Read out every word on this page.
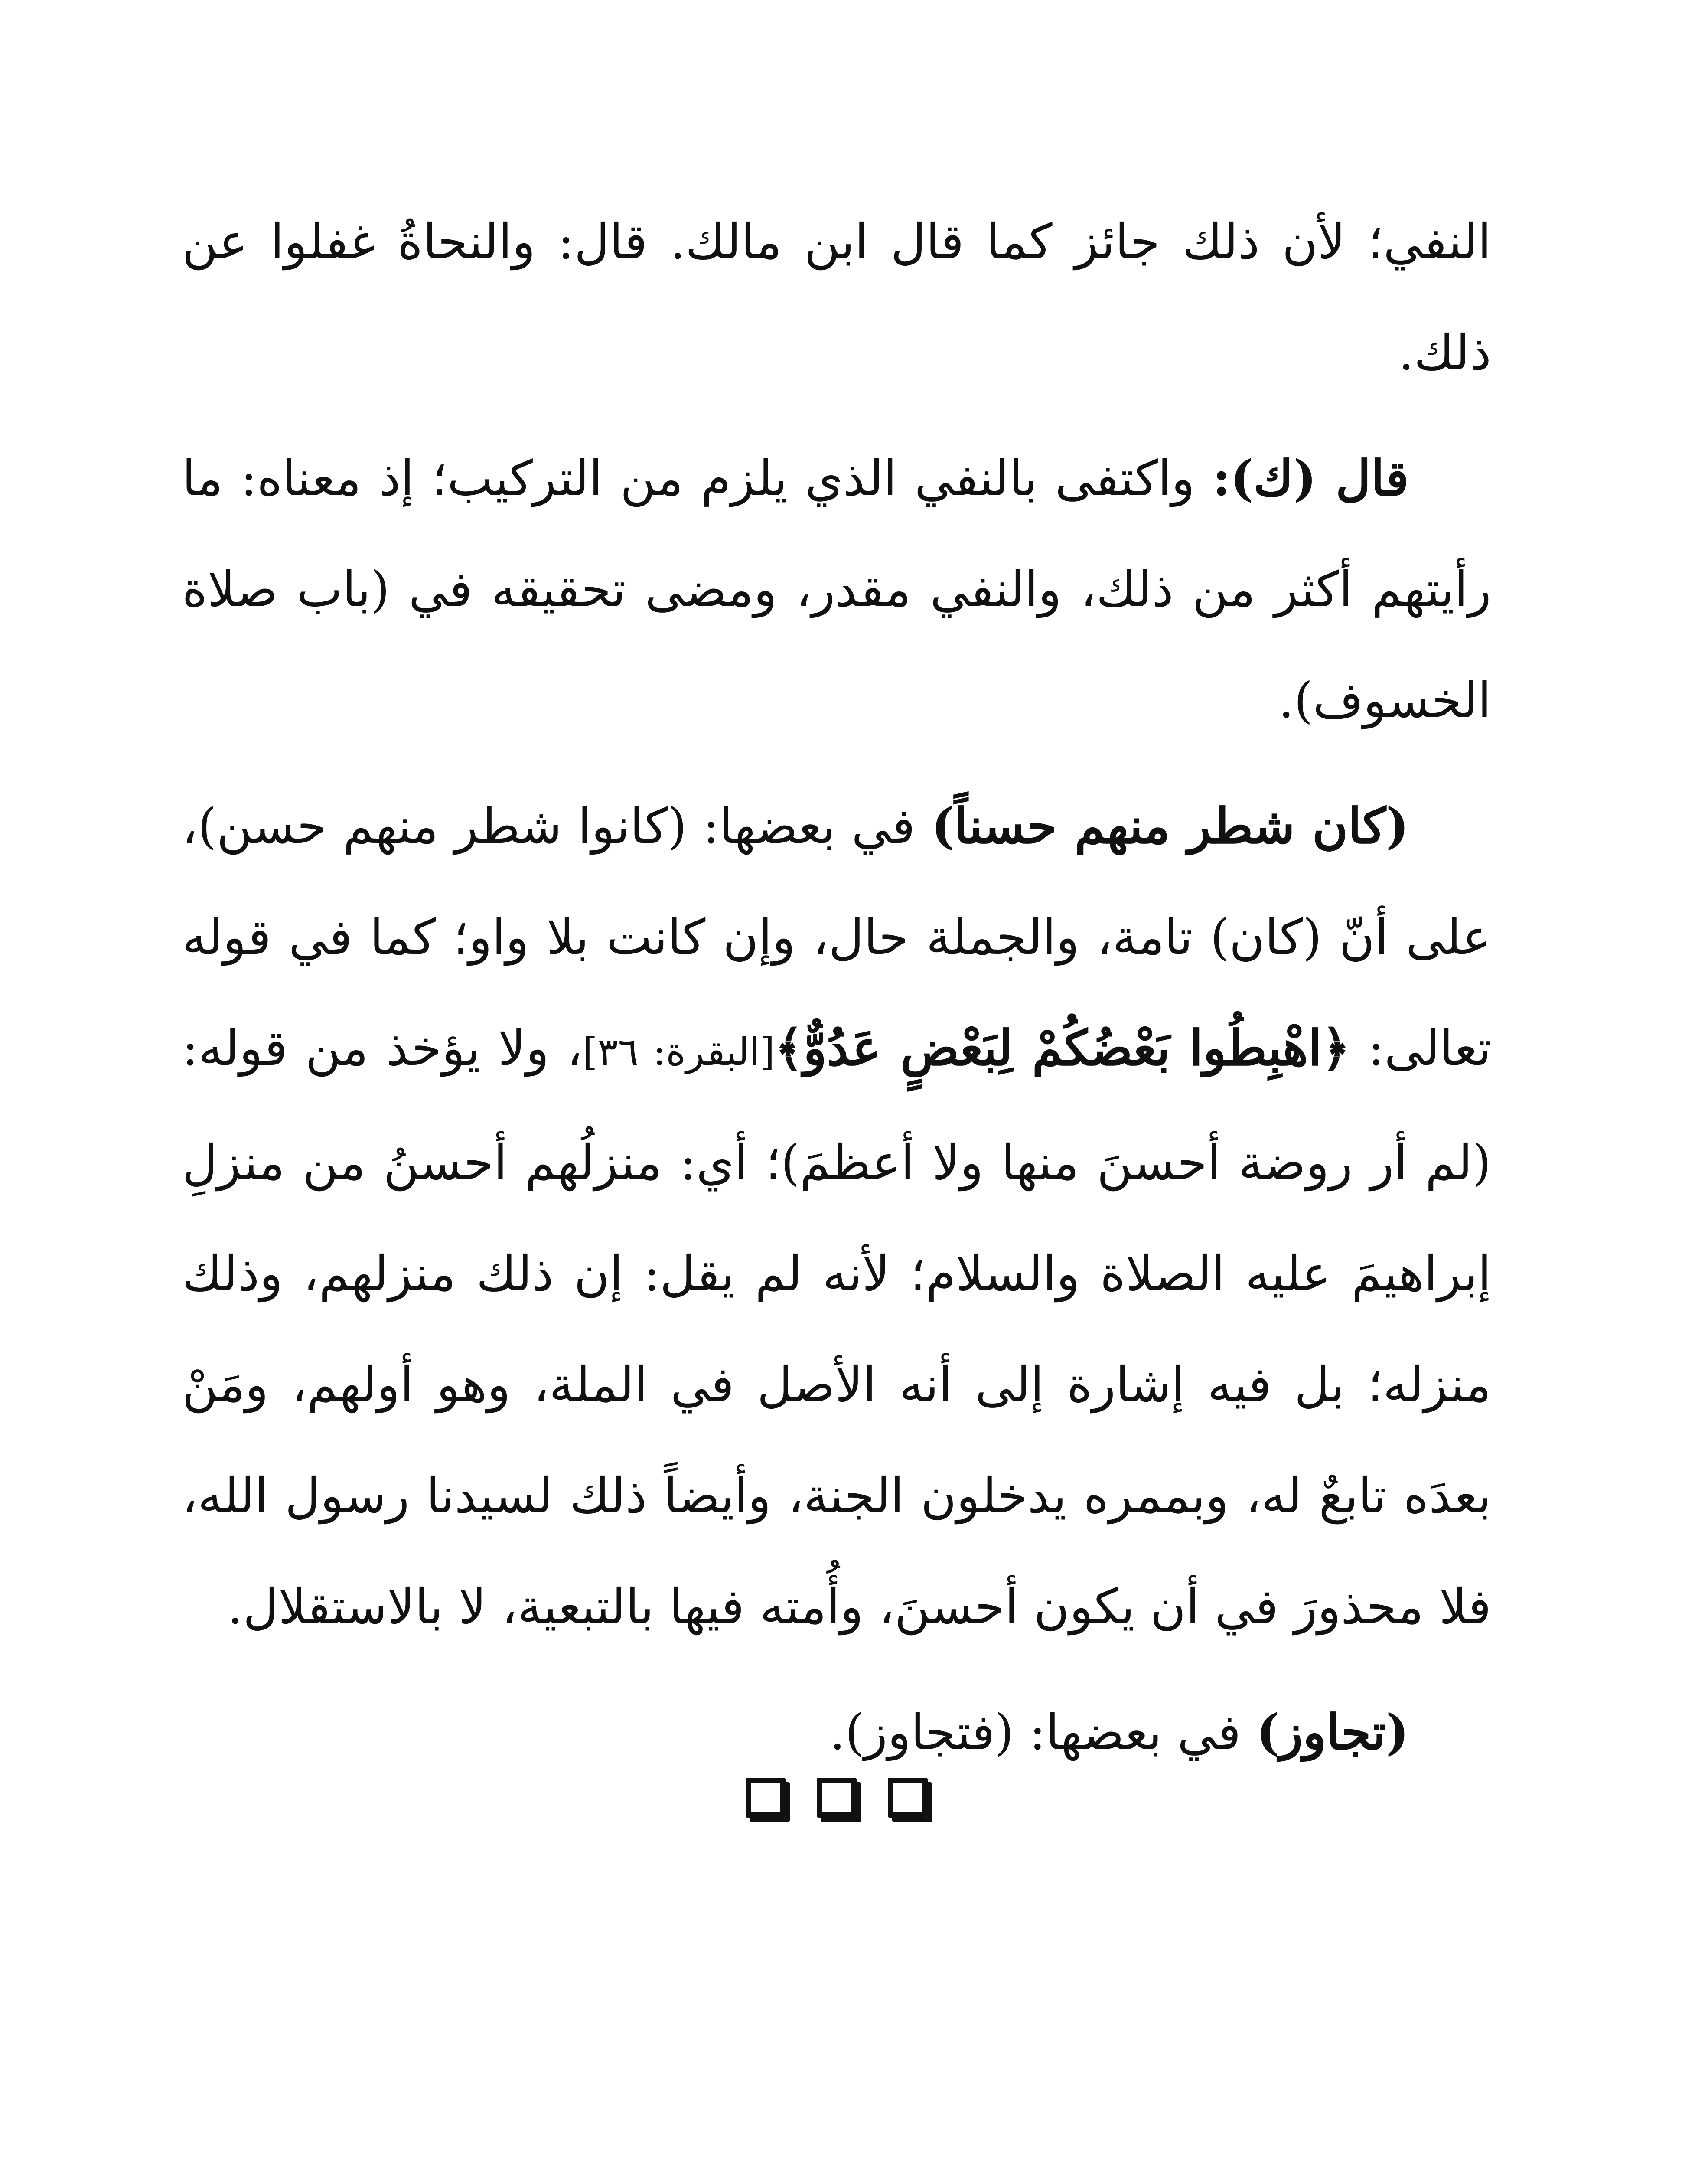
النفي؛ لأن ذلك جائز كما قال ابن مالك. قال: والنحاةُ غفلوا عن ذلك.

قال (ك): واكتفى بالنفي الذي يلزم من التركيب؛ إذ معناه: ما رأيتهم أكثر من ذلك، والنفي مقدر، ومضى تحقيقه في (باب صلاة الخسوف).

(كان شطر منهم حسناً) في بعضها: (كانوا شطر منهم حسن)، على أنّ (كان) تامة، والجملة حال، وإن كانت بلا واو؛ كما في قوله تعالى: ﴿اهْبِطُوا بَعْضُكُمْ لِبَعْضٍ عَدُوٌّ﴾[البقرة: ٣٦]، ولا يؤخذ من قوله: (لم أر روضة أحسنَ منها ولا أعظمَ)؛ أي: منزلُهم أحسنُ من منزلِ إبراهيمَ عليه الصلاة والسلام؛ لأنه لم يقل: إن ذلك منزلهم، وذلك منزله؛ بل فيه إشارة إلى أنه الأصل في الملة، وهو أولهم، ومَنْ بعدَه تابعٌ له، وبممره يدخلون الجنة، وأيضاً ذلك لسيدنا رسول الله، فلا محذورَ في أن يكون أحسنَ، وأُمته فيها بالتبعية، لا بالاستقلال.

(تجاوز) في بعضها: (فتجاوز).
